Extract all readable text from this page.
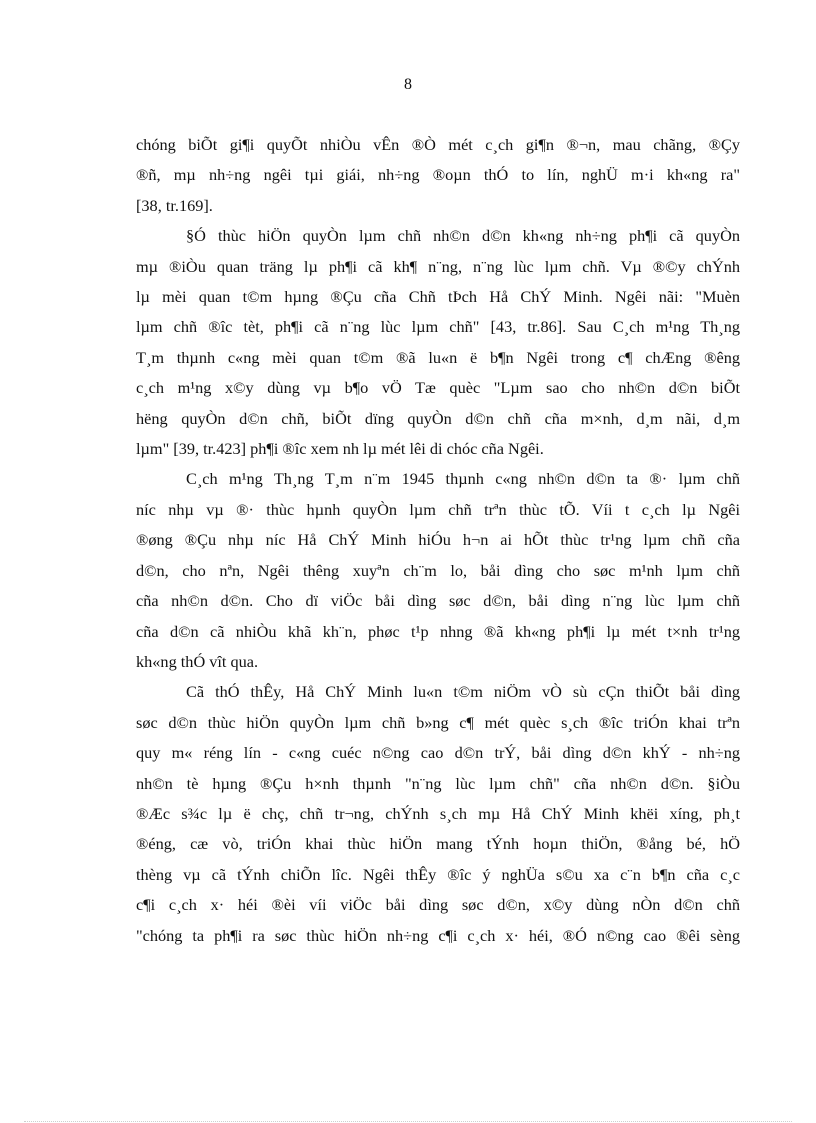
8

chóng biÕt gi¶i quyÕt nhiÒu vÊn ®Ò mét c¸ch gi¶n ®¬n, mau chãng, ®Çy
®ñ, mµ nh÷ng ngêi tµi giái, nh÷ng ®oµn thÓ to lín, nghÜ m·i kh«ng ra"
[38, tr.169].

§Ó thùc hiÖn quyÒn lµm chñ nh©n d©n kh«ng nh÷ng ph¶i cã quyÒn
mµ ®iÒu quan träng lµ ph¶i cã kh¶ n¨ng, n¨ng lùc lµm chñ. Vµ ®©y chÝnh
lµ mèi quan t©m hµng ®Çu cña Chñ tÞch Hå ChÝ Minh. Ngêi nãi: "Muèn
lµm chñ ®îc tèt, ph¶i cã n¨ng lùc lµm chñ" [43, tr.86]. Sau C¸ch m¹ng Th¸ng
T¸m thµnh c«ng mèi quan t©m ®ã lu«n ë b¶n Ngêi trong c¶ chÆng ®êng
c¸ch m¹ng x©y dùng vµ b¶o vÖ Tæ quèc "Lµm sao cho nh©n d©n biÕt
hëng quyÒn d©n chñ, biÕt dïng quyÒn d©n chñ cña m×nh, d¸m nãi, d¸m
lµm" [39, tr.423] ph¶i ®îc xem nh lµ mét lêi di chóc cña Ngêi.

C¸ch m¹ng Th¸ng T¸m n¨m 1945 thµnh c«ng nh©n d©n ta ®· lµm chñ
níc nhµ vµ ®· thùc hµnh quyÒn lµm chñ trªn thùc tÕ. Víi t c¸ch lµ Ngêi
®øng ®Çu nhµ níc Hå ChÝ Minh hiÓu h¬n ai hÕt thùc tr¹ng lµm chñ cña
d©n, cho nªn, Ngêi thêng xuyªn ch¨m lo, båi dìng cho søc m¹nh lµm chñ
cña nh©n d©n. Cho dï viÖc båi dìng søc d©n, båi dìng n¨ng lùc lµm chñ
cña d©n cã nhiÒu khã kh¨n, phøc t¹p nhng ®ã kh«ng ph¶i lµ mét t×nh tr¹ng
kh«ng thÓ vît qua.

Cã thÓ thÊy, Hå ChÝ Minh lu«n t©m niÖm vÒ sù cÇn thiÕt båi dìng
søc d©n thùc hiÖn quyÒn lµm chñ b»ng c¶ mét quèc s¸ch ®îc triÓn khai trªn
quy m« réng lín - c«ng cuéc n©ng cao d©n trÝ, båi dìng d©n khÝ - nh÷ng
nh©n tè hµng ®Çu h×nh thµnh "n¨ng lùc lµm chñ" cña nh©n d©n. §iÒu
®Æc s¾c lµ ë chç, chñ tr¬ng, chÝnh s¸ch mµ Hå ChÝ Minh khëi xíng, ph¸t
®éng, cæ vò, triÓn khai thùc hiÖn mang tÝnh hoµn thiÖn, ®ång bé, hÖ
thèng vµ cã tÝnh chiÕn lîc. Ngêi thÊy ®îc ý nghÜa s©u xa c¨n b¶n cña c¸c
c¶i c¸ch x· héi ®èi víi viÖc båi dìng søc d©n, x©y dùng nÒn d©n chñ
"chóng ta ph¶i ra søc thùc hiÖn nh÷ng c¶i c¸ch x· héi, ®Ó n©ng cao ®êi sèng
